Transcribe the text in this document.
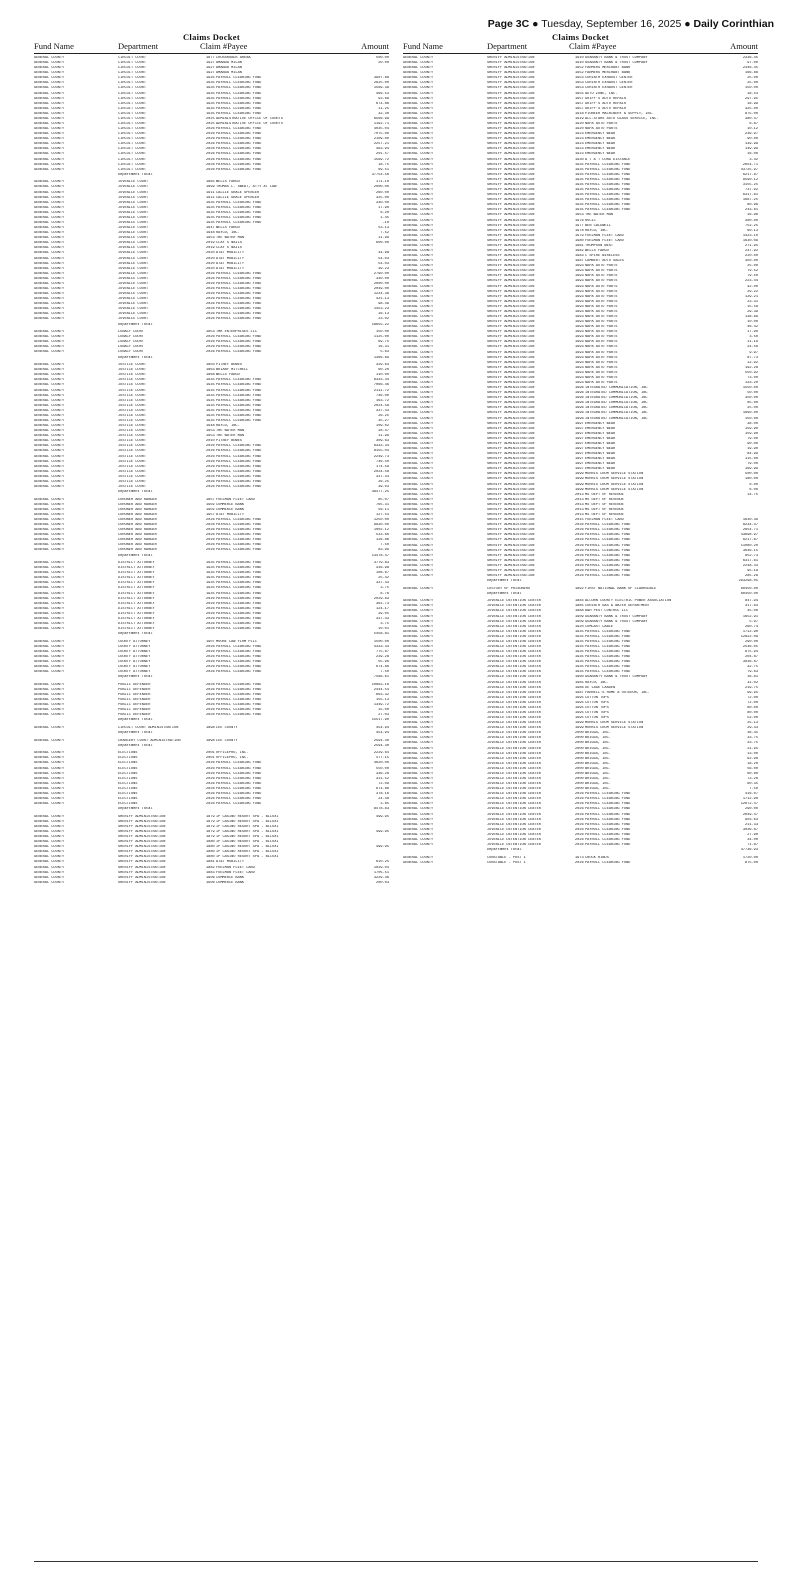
Page 3C ● Tuesday, September 16, 2025 ● Daily Corinthian
Claims Docket
Fund Name	Department	Claim #Payee	Amount
GENERAL COUNTY	CIRCUIT COURT	1877 CROSSROADS ARENA	500.00
GENERAL COUNTY	CIRCUIT COURT	1927 AMANDA MILAN	20.00
GENERAL COUNTY	CIRCUIT COURT	1927 AMANDA MILAN
GENERAL COUNTY	CIRCUIT COURT	1927 AMANDA MILAN
GENERAL COUNTY	CIRCUIT COURT	1935 PAYROLL CLEARING FUND	3907.68
GENERAL COUNTY	CIRCUIT COURT	1935 PAYROLL CLEARING FUND	2625.00
GENERAL COUNTY	CIRCUIT COURT	1935 PAYROLL CLEARING FUND	1569.39
GENERAL COUNTY	CIRCUIT COURT	1935 PAYROLL CLEARING FUND	466.53
GENERAL COUNTY	CIRCUIT COURT	1935 PAYROLL CLEARING FUND	93.66
GENERAL COUNTY	CIRCUIT COURT	1935 PAYROLL CLEARING FUND	674.86
GENERAL COUNTY	CIRCUIT COURT	1935 PAYROLL CLEARING FUND	11.25
GENERAL COUNTY	CIRCUIT COURT	1935 PAYROLL CLEARING FUND	32.30
GENERAL COUNTY	CIRCUIT COURT	2025 ADMINISTRATIVE OFFICE OF COURTS	6566.99
GENERAL COUNTY	CIRCUIT COURT	2025 ADMINISTRATIVE OFFICE OF COURTS	1192.71
GENERAL COUNTY	CIRCUIT COURT	2026 PAYROLL CLEARING FUND	4035.04
GENERAL COUNTY	CIRCUIT COURT	2026 PAYROLL CLEARING FUND	7075.00
GENERAL COUNTY	CIRCUIT COURT	2026 PAYROLL CLEARING FUND	2109.00
GENERAL COUNTY	CIRCUIT COURT	2026 PAYROLL CLEARING FUND	2257.21
GENERAL COUNTY	CIRCUIT COURT	2026 PAYROLL CLEARING FUND	463.94
GENERAL COUNTY	CIRCUIT COURT	2026 PAYROLL CLEARING FUND	201.57
GENERAL COUNTY	CIRCUIT COURT	2026 PAYROLL CLEARING FUND	1569.72
GENERAL COUNTY	CIRCUIT COURT	2026 PAYROLL CLEARING FUND	18.75
GENERAL COUNTY	CIRCUIT COURT	2026 PAYROLL CLEARING FUND	69.51
Department Total	37754.56
GENERAL COUNTY	JUVENILE COURT	1865 WELLS FARGO	171.10
GENERAL COUNTY	JUVENILE COURT	1899 THOMAS L. SWEAT, ATTY AT LAW	2000.00
GENERAL COUNTY	JUVENILE COURT	1911 CALLIE GRACE SPENCER	260.00
GENERAL COUNTY	JUVENILE COURT	1911 CALLIE GRACE SPENCER	325.00
GENERAL COUNTY	JUVENILE COURT	1935 PAYROLL CLEARING FUND	330.00
GENERAL COUNTY	JUVENILE COURT	1935 PAYROLL CLEARING FUND	17.90
GENERAL COUNTY	JUVENILE COURT	1935 PAYROLL CLEARING FUND	6.20
GENERAL COUNTY	JUVENILE COURT	1935 PAYROLL CLEARING FUND	1.45
GENERAL COUNTY	JUVENILE COURT	1935 PAYROLL CLEARING FUND	.10
GENERAL COUNTY	JUVENILE COURT	1947 WELLS FARGO	53.13
GENERAL COUNTY	JUVENILE COURT	1948 RAYCO, INC.	7.52
GENERAL COUNTY	JUVENILE COURT	1953 THE WATER MAN	11.99
GENERAL COUNTY	JUVENILE COURT	2019 CLAY S NAILS	600.00
GENERAL COUNTY	JUVENILE COURT	2019 CLAY S NAILS
GENERAL COUNTY	JUVENILE COURT	2020 AT&T MOBILITY	44.98
GENERAL COUNTY	JUVENILE COURT	2020 AT&T MOBILITY	54.03
GENERAL COUNTY	JUVENILE COURT	2020 AT&T MOBILITY	54.03
GENERAL COUNTY	JUVENILE COURT	2020 AT&T MOBILITY	39.23
GENERAL COUNTY	JUVENILE COURT	2026 PAYROLL CLEARING FUND	2790.00
GENERAL COUNTY	JUVENILE COURT	2026 PAYROLL CLEARING FUND	330.00
GENERAL COUNTY	JUVENILE COURT	2026 PAYROLL CLEARING FUND	2000.00
GENERAL COUNTY	JUVENILE COURT	2026 PAYROLL CLEARING FUND	2049.00
GENERAL COUNTY	JUVENILE COURT	2026 PAYROLL CLEARING FUND	1224.36
GENERAL COUNTY	JUVENILE COURT	2026 PAYROLL CLEARING FUND	421.13
GENERAL COUNTY	JUVENILE COURT	2026 PAYROLL CLEARING FUND	98.49
GENERAL COUNTY	JUVENILE COURT	2026 PAYROLL CLEARING FUND	1453.23
GENERAL COUNTY	JUVENILE COURT	2026 PAYROLL CLEARING FUND	16.13
GENERAL COUNTY	JUVENILE COURT	2026 PAYROLL CLEARING FUND	23.02
Department Total	18655.22
GENERAL COUNTY	LUNACY COURT	1853 TMK ENTERPRISES LLC	150.00
GENERAL COUNTY	LUNACY COURT	2026 PAYROLL CLEARING FUND	1125.00
GENERAL COUNTY	LUNACY COURT	2026 PAYROLL CLEARING FUND	69.75
GENERAL COUNTY	LUNACY COURT	2026 PAYROLL CLEARING FUND	16.31
GENERAL COUNTY	LUNACY COURT	2026 PAYROLL CLEARING FUND	5.63
Department Total	1366.69
GENERAL COUNTY	JUSTICE COURT	1850 PITNEY BOWES	329.63
GENERAL COUNTY	JUSTICE COURT	1863 BRIANY MITCHELL	60.20
GENERAL COUNTY	JUSTICE COURT	1868 WELLS FARGO	110.00
GENERAL COUNTY	JUSTICE COURT	1935 PAYROLL CLEARING FUND	6333.34
GENERAL COUNTY	JUSTICE COURT	1935 PAYROLL CLEARING FUND	7066.46
GENERAL COUNTY	JUSTICE COURT	1935 PAYROLL CLEARING FUND	2111.72
GENERAL COUNTY	JUSTICE COURT	1935 PAYROLL CLEARING FUND	746.00
GENERAL COUNTY	JUSTICE COURT	1935 PAYROLL CLEARING FUND	163.72
GENERAL COUNTY	JUSTICE COURT	1935 PAYROLL CLEARING FUND	2024.58
GENERAL COUNTY	JUSTICE COURT	1935 PAYROLL CLEARING FUND	337.43
GENERAL COUNTY	JUSTICE COURT	1935 PAYROLL CLEARING FUND	26.25
GENERAL COUNTY	JUSTICE COURT	1935 PAYROLL CLEARING FUND	35.27
GENERAL COUNTY	JUSTICE COURT	1948 RAYCO, INC.	109.02
GENERAL COUNTY	JUSTICE COURT	1953 THE WATER MAN	28.47
GENERAL COUNTY	JUSTICE COURT	1953 THE WATER MAN	11.99
GENERAL COUNTY	JUSTICE COURT	2010 PITNEY BOWES	309.63
GENERAL COUNTY	JUSTICE COURT	2026 PAYROLL CLEARING FUND	6333.34
GENERAL COUNTY	JUSTICE COURT	2026 PAYROLL CLEARING FUND	8155.04
GENERAL COUNTY	JUSTICE COURT	2026 PAYROLL CLEARING FUND	2249.73
GENERAL COUNTY	JUSTICE COURT	2026 PAYROLL CLEARING FUND	746.50
GENERAL COUNTY	JUSTICE COURT	2026 PAYROLL CLEARING FUND	174.59
GENERAL COUNTY	JUSTICE COURT	2026 PAYROLL CLEARING FUND	2024.58
GENERAL COUNTY	JUSTICE COURT	2026 PAYROLL CLEARING FUND	337.43
GENERAL COUNTY	JUSTICE COURT	2026 PAYROLL CLEARING FUND	26.25
GENERAL COUNTY	JUSTICE COURT	2026 PAYROLL CLEARING FUND	39.03
Department Total	48477.25
GENERAL COUNTY	CORONER AND RANGER	1857 FUELMAN FLEET CARD	85.07
GENERAL COUNTY	CORONER AND RANGER	1902 COMMERCE BANK	765.31
GENERAL COUNTY	CORONER AND RANGER	1902 COMMERCE BANK	56.11
GENERAL COUNTY	CORONER AND RANGER	1957 AT&T MOBILITY	127.54
GENERAL COUNTY	CORONER AND RANGER	2026 PAYROLL CLEARING FUND	1250.00
GENERAL COUNTY	CORONER AND RANGER	2026 PAYROLL CLEARING FUND	9930.00
GENERAL COUNTY	CORONER AND RANGER	2026 PAYROLL CLEARING FUND	1002.12
GENERAL COUNTY	CORONER AND RANGER	2026 PAYROLL CLEARING FUND	533.66
GENERAL COUNTY	CORONER AND RANGER	2026 PAYROLL CLEARING FUND	126.86
GENERAL COUNTY	CORONER AND RANGER	2026 PAYROLL CLEARING FUND	7.50
GENERAL COUNTY	CORONER AND RANGER	2026 PAYROLL CLEARING FUND	83.99
Department Total	13478.47
GENERAL COUNTY	DISTRICT ATTORNEY	1935 PAYROLL CLEARING FUND	3779.83
GENERAL COUNTY	DISTRICT ATTORNEY	1935 PAYROLL CLEARING FUND	316.98
GENERAL COUNTY	DISTRICT ATTORNEY	1935 PAYROLL CLEARING FUND	108.67
GENERAL COUNTY	DISTRICT ATTORNEY	1935 PAYROLL CLEARING FUND	25.42
GENERAL COUNTY	DISTRICT ATTORNEY	1935 PAYROLL CLEARING FUND	337.43
GENERAL COUNTY	DISTRICT ATTORNEY	1935 PAYROLL CLEARING FUND	3.75
GENERAL COUNTY	DISTRICT ATTORNEY	1935 PAYROLL CLEARING FUND	8.76
GENERAL COUNTY	DISTRICT ATTORNEY	2026 PAYROLL CLEARING FUND	2029.83
GENERAL COUNTY	DISTRICT ATTORNEY	2026 PAYROLL CLEARING FUND	361.73
GENERAL COUNTY	DISTRICT ATTORNEY	2026 PAYROLL CLEARING FUND	124.17
GENERAL COUNTY	DISTRICT ATTORNEY	2026 PAYROLL CLEARING FUND	29.05
GENERAL COUNTY	DISTRICT ATTORNEY	2026 PAYROLL CLEARING FUND	337.43
GENERAL COUNTY	DISTRICT ATTORNEY	2026 PAYROLL CLEARING FUND	3.75
GENERAL COUNTY	DISTRICT ATTORNEY	2026 PAYROLL CLEARING FUND	10.01
Department Total	5458.81
GENERAL COUNTY	COUNTY ATTORNEY	1907 MOORE LAW FIRM PLLC	1500.00
GENERAL COUNTY	COUNTY ATTORNEY	2026 PAYROLL CLEARING FUND	4333.34
GENERAL COUNTY	COUNTY ATTORNEY	2026 PAYROLL CLEARING FUND	775.67
GENERAL COUNTY	COUNTY ATTORNEY	2026 PAYROLL CLEARING FUND	239.28
GENERAL COUNTY	COUNTY ATTORNEY	2026 PAYROLL CLEARING FUND	55.96
GENERAL COUNTY	COUNTY ATTORNEY	2026 PAYROLL CLEARING FUND	674.86
GENERAL COUNTY	COUNTY ATTORNEY	2026 PAYROLL CLEARING FUND	7.50
Department Total	7586.61
GENERAL COUNTY	PUBLIC DEFENDER	2026 PAYROLL CLEARING FUND	10863.16
GENERAL COUNTY	PUBLIC DEFENDER	2026 PAYROLL CLEARING FUND	2444.54
GENERAL COUNTY	PUBLIC DEFENDER	2026 PAYROLL CLEARING FUND	663.32
GENERAL COUNTY	PUBLIC DEFENDER	2026 PAYROLL CLEARING FUND	155.13
GENERAL COUNTY	PUBLIC DEFENDER	2026 PAYROLL CLEARING FUND	1349.72
GENERAL COUNTY	PUBLIC DEFENDER	2026 PAYROLL CLEARING FUND	15.00
GENERAL COUNTY	PUBLIC DEFENDER	2026 PAYROLL CLEARING FUND	27.03
Department Total	15517.90
GENERAL COUNTY	CIRCUIT COURT ADMINISTRATION	1898 LEE COUNTY	454.94
Department Total	454.94
GENERAL COUNTY	CHANCERY COURT ADMINISTRATION	1898 LEE COUNTY	2594.30
Department Total	2594.30
GENERAL COUNTY	ELECTIONS	2001 OFFICEPRO, INC.	2229.64
GENERAL COUNTY	ELECTIONS	2001 OFFICEPRO, INC.	477.15
GENERAL COUNTY	ELECTIONS	2026 PAYROLL CLEARING FUND	4620.00
GENERAL COUNTY	ELECTIONS	2026 PAYROLL CLEARING FUND	550.00
GENERAL COUNTY	ELECTIONS	2026 PAYROLL CLEARING FUND	336.28
GENERAL COUNTY	ELECTIONS	2026 PAYROLL CLEARING FUND	311.52
GENERAL COUNTY	ELECTIONS	2026 PAYROLL CLEARING FUND	72.09
GENERAL COUNTY	ELECTIONS	2026 PAYROLL CLEARING FUND	674.86
GENERAL COUNTY	ELECTIONS	2026 PAYROLL CLEARING FUND	378.16
GENERAL COUNTY	ELECTIONS	2026 PAYROLL CLEARING FUND	24.48
GENERAL COUNTY	ELECTIONS	2026 PAYROLL CLEARING FUND	3.65
Department Total	8478.83
GENERAL COUNTY	SHERIFF ADMINISTRATION	1879 IP CASINO RESORT SPA - BILOXI	499.95
GENERAL COUNTY	SHERIFF ADMINISTRATION	1879 IP CASINO RESORT SPA - BILOXI
GENERAL COUNTY	SHERIFF ADMINISTRATION	1879 IP CASINO RESORT SPA - BILOXI
GENERAL COUNTY	SHERIFF ADMINISTRATION	1879 IP CASINO RESORT SPA - BILOXI	499.95
GENERAL COUNTY	SHERIFF ADMINISTRATION	1879 IP CASINO RESORT SPA - BILOXI
GENERAL COUNTY	SHERIFF ADMINISTRATION	1880 IP CASINO RESORT SPA - BILOXI
GENERAL COUNTY	SHERIFF ADMINISTRATION	1880 IP CASINO RESORT SPA - BILOXI	499.95
GENERAL COUNTY	SHERIFF ADMINISTRATION	1880 IP CASINO RESORT SPA - BILOXI
GENERAL COUNTY	SHERIFF ADMINISTRATION	1880 IP CASINO RESORT SPA - BILOXI
GENERAL COUNTY	SHERIFF ADMINISTRATION	1881 AT&T MOBILITY	610.25
GENERAL COUNTY	SHERIFF ADMINISTRATION	1882 FUELMAN FLEET CARD	1029.04
GENERAL COUNTY	SHERIFF ADMINISTRATION	1883 FUELMAN FLEET CARD	1705.51
GENERAL COUNTY	SHERIFF ADMINISTRATION	1906 COMMERCE BANK	3229.46
GENERAL COUNTY	SHERIFF ADMINISTRATION	1906 COMMERCE BANK	200.03
Claims Docket
Fund Name	Department	Claim #Payee	Amount
GENERAL COUNTY	SHERIFF ADMINISTRATION	1910 GUARANTY BANK & TRUST COMPANY	2336.45
GENERAL COUNTY	SHERIFF ADMINISTRATION	1910 GUARANTY BANK & TRUST COMPANY	97.00
GENERAL COUNTY	SHERIFF ADMINISTRATION	1952 FARMERS MERCHANT BANK	2346.45
GENERAL COUNTY	SHERIFF ADMINISTRATION	1952 FARMERS MERCHANT BANK	166.86
GENERAL COUNTY	SHERIFF ADMINISTRATION	1953 CORINTH EXHAUST CENTER	25.00
GENERAL COUNTY	SHERIFF ADMINISTRATION	1953 CORINTH EXHAUST CENTER	25.00
GENERAL COUNTY	SHERIFF ADMINISTRATION	1953 CORINTH EXHAUST CENTER	150.00
GENERAL COUNTY	SHERIFF ADMINISTRATION	1955 AUTO ZONE, INC.	18.54
GENERAL COUNTY	SHERIFF ADMINISTRATION	1957 GRIFF'S AUTO REPAIR	297.95
GENERAL COUNTY	SHERIFF ADMINISTRATION	1957 GRIFF'S AUTO REPAIR	16.99
GENERAL COUNTY	SHERIFF ADMINISTRATION	1957 GRIFF'S AUTO REPAIR	325.00
GENERAL COUNTY	SHERIFF ADMINISTRATION	1918 PIONEER MACHINERY & SUPPLY, INC.	875.00
GENERAL COUNTY	SHERIFF ADMINISTRATION	1919 ALL-STARS AUTO GLASS SERVICE, INC.	380.47
GENERAL COUNTY	SHERIFF ADMINISTRATION	1920 NAPA AUTO PARTS	6.87
GENERAL COUNTY	SHERIFF ADMINISTRATION	1920 NAPA AUTO PARTS	10.12
GENERAL COUNTY	SHERIFF ADMINISTRATION	1923 EMERGENCY WEAR	239.97
GENERAL COUNTY	SHERIFF ADMINISTRATION	1923 EMERGENCY WEAR	90.00
GENERAL COUNTY	SHERIFF ADMINISTRATION	1923 EMERGENCY WEAR	139.99
GENERAL COUNTY	SHERIFF ADMINISTRATION	1923 EMERGENCY WEAR	149.99
GENERAL COUNTY	SHERIFF ADMINISTRATION	1923 EMERGENCY WEAR	16.00
GENERAL COUNTY	SHERIFF ADMINISTRATION	1930 A T & T LONG DISTANCE	3.42
GENERAL COUNTY	SHERIFF ADMINISTRATION	1935 PAYROLL CLEARING FUND	2654.71
GENERAL COUNTY	SHERIFF ADMINISTRATION	1935 PAYROLL CLEARING FUND	43725.97
GENERAL COUNTY	SHERIFF ADMINISTRATION	1935 PAYROLL CLEARING FUND	6217.87
GENERAL COUNTY	SHERIFF ADMINISTRATION	1935 PAYROLL CLEARING FUND	9590.12
GENERAL COUNTY	SHERIFF ADMINISTRATION	1935 PAYROLL CLEARING FUND	3155.25
GENERAL COUNTY	SHERIFF ADMINISTRATION	1935 PAYROLL CLEARING FUND	737.92
GENERAL COUNTY	SHERIFF ADMINISTRATION	1935 PAYROLL CLEARING FUND	6317.61
GENERAL COUNTY	SHERIFF ADMINISTRATION	1935 PAYROLL CLEARING FUND	1687.25
GENERAL COUNTY	SHERIFF ADMINISTRATION	1935 PAYROLL CLEARING FUND	80.96
GENERAL COUNTY	SHERIFF ADMINISTRATION	1935 PAYROLL CLEARING FUND	243.61
GENERAL COUNTY	SHERIFF ADMINISTRATION	1953 THE WATER MAN	16.96
GENERAL COUNTY	SHERIFF ADMINISTRATION	1976 ROCIC	300.00
GENERAL COUNTY	SHERIFF ADMINISTRATION	1977 BEN CALDWELL	752.25
GENERAL COUNTY	SHERIFF ADMINISTRATION	1978 RAYCO, INC.	60.13
GENERAL COUNTY	SHERIFF ADMINISTRATION	1979 FUELMAN FLEET CARD	1423.10
GENERAL COUNTY	SHERIFF ADMINISTRATION	1980 FUELMAN FLEET CARD	1630.09
GENERAL COUNTY	SHERIFF ADMINISTRATION	1981 THOMPSON WEST	271.95
GENERAL COUNTY	SHERIFF ADMINISTRATION	1982 WELLS FARGO	247.92
GENERAL COUNTY	SHERIFF ADMINISTRATION	1983 C SPIRE WIRELESS	220.00
GENERAL COUNTY	SHERIFF ADMINISTRATION	1987 LAMBERT AUTO SALES	350.00
GENERAL COUNTY	SHERIFF ADMINISTRATION	1993 NAPA AUTO PARTS	25.00
GENERAL COUNTY	SHERIFF ADMINISTRATION	1993 NAPA AUTO PARTS	79.52
GENERAL COUNTY	SHERIFF ADMINISTRATION	1993 NAPA AUTO PARTS	79.50
GENERAL COUNTY	SHERIFF ADMINISTRATION	1993 NAPA AUTO PARTS	223.44
GENERAL COUNTY	SHERIFF ADMINISTRATION	1993 NAPA AUTO PARTS	42.00
GENERAL COUNTY	SHERIFF ADMINISTRATION	1993 NAPA AUTO PARTS	29.22
GENERAL COUNTY	SHERIFF ADMINISTRATION	1993 NAPA AUTO PARTS	129.21
GENERAL COUNTY	SHERIFF ADMINISTRATION	1993 NAPA AUTO PARTS	23.31
GENERAL COUNTY	SHERIFF ADMINISTRATION	1993 NAPA AUTO PARTS	15.58
GENERAL COUNTY	SHERIFF ADMINISTRATION	1993 NAPA AUTO PARTS	29.39
GENERAL COUNTY	SHERIFF ADMINISTRATION	1993 NAPA AUTO PARTS	138.69
GENERAL COUNTY	SHERIFF ADMINISTRATION	1993 NAPA AUTO PARTS	10.00
GENERAL COUNTY	SHERIFF ADMINISTRATION	1993 NAPA AUTO PARTS	46.42
GENERAL COUNTY	SHERIFF ADMINISTRATION	1993 NAPA AUTO PARTS	17.90
GENERAL COUNTY	SHERIFF ADMINISTRATION	1993 NAPA AUTO PARTS	3.50
GENERAL COUNTY	SHERIFF ADMINISTRATION	1993 NAPA AUTO PARTS	11.19
GENERAL COUNTY	SHERIFF ADMINISTRATION	1993 NAPA AUTO PARTS	24.56
GENERAL COUNTY	SHERIFF ADMINISTRATION	1993 NAPA AUTO PARTS	9.97
GENERAL COUNTY	SHERIFF ADMINISTRATION	1993 NAPA AUTO PARTS	87.73
GENERAL COUNTY	SHERIFF ADMINISTRATION	1993 NAPA AUTO PARTS	12.92
GENERAL COUNTY	SHERIFF ADMINISTRATION	1993 NAPA AUTO PARTS	192.28
GENERAL COUNTY	SHERIFF ADMINISTRATION	1993 NAPA AUTO PARTS	550.92
GENERAL COUNTY	SHERIFF ADMINISTRATION	1993 NAPA AUTO PARTS	73.00
GENERAL COUNTY	SHERIFF ADMINISTRATION	1993 NAPA AUTO PARTS	133.20
GENERAL COUNTY	SHERIFF ADMINISTRATION	1996 INTEGRATED COMMUNICATION, INC	1550.00
GENERAL COUNTY	SHERIFF ADMINISTRATION	1996 INTEGRATED COMMUNICATION, INC	50.00
GENERAL COUNTY	SHERIFF ADMINISTRATION	1996 INTEGRATED COMMUNICATION, INC	350.00
GENERAL COUNTY	SHERIFF ADMINISTRATION	1996 INTEGRATED COMMUNICATION, INC	85.00
GENERAL COUNTY	SHERIFF ADMINISTRATION	1996 INTEGRATED COMMUNICATION, INC	25.00
GENERAL COUNTY	SHERIFF ADMINISTRATION	1996 INTEGRATED COMMUNICATION, INC	1890.00
GENERAL COUNTY	SHERIFF ADMINISTRATION	1996 INTEGRATED COMMUNICATION, INC	150.00
GENERAL COUNTY	SHERIFF ADMINISTRATION	1997 EMERGENCY WEAR	38.00
GENERAL COUNTY	SHERIFF ADMINISTRATION	1997 EMERGENCY WEAR	159.90
GENERAL COUNTY	SHERIFF ADMINISTRATION	1997 EMERGENCY WEAR	159.90
GENERAL COUNTY	SHERIFF ADMINISTRATION	1997 EMERGENCY WEAR	79.00
GENERAL COUNTY	SHERIFF ADMINISTRATION	1997 EMERGENCY WEAR	90.00
GENERAL COUNTY	SHERIFF ADMINISTRATION	1997 EMERGENCY WEAR	19.90
GENERAL COUNTY	SHERIFF ADMINISTRATION	1997 EMERGENCY WEAR	84.99
GENERAL COUNTY	SHERIFF ADMINISTRATION	1997 EMERGENCY WEAR	115.00
GENERAL COUNTY	SHERIFF ADMINISTRATION	1997 EMERGENCY WEAR	79.00
GENERAL COUNTY	SHERIFF ADMINISTRATION	1997 EMERGENCY WEAR	169.99
GENERAL COUNTY	SHERIFF ADMINISTRATION	1999 MORRIS CRUM SERVICE STATION	500.00
GENERAL COUNTY	SHERIFF ADMINISTRATION	1999 MORRIS CRUM SERVICE STATION	180.00
GENERAL COUNTY	SHERIFF ADMINISTRATION	1999 MORRIS CRUM SERVICE STATION	8.00
GENERAL COUNTY	SHERIFF ADMINISTRATION	1999 MORRIS CRUM SERVICE STATION	6.00
GENERAL COUNTY	SHERIFF ADMINISTRATION	2013 MS DEPT OF REVENUE	14.75
GENERAL COUNTY	SHERIFF ADMINISTRATION	2013 MS DEPT OF REVENUE
GENERAL COUNTY	SHERIFF ADMINISTRATION	2013 MS DEPT OF REVENUE
GENERAL COUNTY	SHERIFF ADMINISTRATION	2013 MS DEPT OF REVENUE
GENERAL COUNTY	SHERIFF ADMINISTRATION	2013 MS DEPT OF REVENUE
GENERAL COUNTY	SHERIFF ADMINISTRATION	2015 FUELMAN FLEET CARD	1630.49
GENERAL COUNTY	SHERIFF ADMINISTRATION	2026 PAYROLL CLEARING FUND	8234.47
GENERAL COUNTY	SHERIFF ADMINISTRATION	2026 PAYROLL CLEARING FUND	2654.71
GENERAL COUNTY	SHERIFF ADMINISTRATION	2026 PAYROLL CLEARING FUND	43698.97
GENERAL COUNTY	SHERIFF ADMINISTRATION	2026 PAYROLL CLEARING FUND	6217.87
GENERAL COUNTY	SHERIFF ADMINISTRATION	2026 PAYROLL CLEARING FUND	11080.20
GENERAL COUNTY	SHERIFF ADMINISTRATION	2026 PAYROLL CLEARING FUND	3646.15
GENERAL COUNTY	SHERIFF ADMINISTRATION	2026 PAYROLL CLEARING FUND	852.73
GENERAL COUNTY	SHERIFF ADMINISTRATION	2026 PAYROLL CLEARING FUND	6317.61
GENERAL COUNTY	SHERIFF ADMINISTRATION	2026 PAYROLL CLEARING FUND	2248.43
GENERAL COUNTY	SHERIFF ADMINISTRATION	2026 PAYROLL CLEARING FUND	95.18
GENERAL COUNTY	SHERIFF ADMINISTRATION	2026 PAYROLL CLEARING FUND	285.29
Department Total	293298.05
GENERAL COUNTY	CUSTODY OF PRISONERS	1892 FIRST NATIONAL BANK OF CLARKSDALE	60450.00
Department Total	60450.00
GENERAL COUNTY	JUVENILE DETENTION CENTER	1884 ALCORN COUNTY ELECTRIC POWER ASSOCIATION	847.94
GENERAL COUNTY	JUVENILE DETENTION CENTER	1885 CORINTH GAS & WATER DEPARTMENT	317.64
GENERAL COUNTY	JUVENILE DETENTION CENTER	1888 A&H PEST CONTROL LLC	45.00
GENERAL COUNTY	JUVENILE DETENTION CENTER	1909 GUARANTY BANK & TRUST COMPANY	1652.91
GENERAL COUNTY	JUVENILE DETENTION CENTER	1909 GUARANTY BANK & TRUST COMPANY	5.97
GENERAL COUNTY	JUVENILE DETENTION CENTER	1920 COMCAST CABLE	260.74
GENERAL COUNTY	JUVENILE DETENTION CENTER	1935 PAYROLL CLEARING FUND	1712.90
GENERAL COUNTY	JUVENILE DETENTION CENTER	1935 PAYROLL CLEARING FUND	12822.09
GENERAL COUNTY	JUVENILE DETENTION CENTER	1935 PAYROLL CLEARING FUND	290.00
GENERAL COUNTY	JUVENILE DETENTION CENTER	1935 PAYROLL CLEARING FUND	2546.05
GENERAL COUNTY	JUVENILE DETENTION CENTER	1935 PAYROLL CLEARING FUND	875.94
GENERAL COUNTY	JUVENILE DETENTION CENTER	1935 PAYROLL CLEARING FUND	204.87
GENERAL COUNTY	JUVENILE DETENTION CENTER	1935 PAYROLL CLEARING FUND	3036.87
GENERAL COUNTY	JUVENILE DETENTION CENTER	1935 PAYROLL CLEARING FUND	32.75
GENERAL COUNTY	JUVENILE DETENTION CENTER	1935 PAYROLL CLEARING FUND	79.63
GENERAL COUNTY	JUVENILE DETENTION CENTER	1960 GUARANTY BANK & TRUST COMPANY	16.81
GENERAL COUNTY	JUVENILE DETENTION CENTER	1985 RAYCO, INC.	31.02
GENERAL COUNTY	JUVENILE DETENTION CENTER	1986 DE LAGE LANDEN	219.75
GENERAL COUNTY	JUVENILE DETENTION CENTER	1987 FARRELL'S HOME & OUTDOOR, INC.	99.95
GENERAL COUNTY	JUVENILE DETENTION CENTER	1995 COTTON TOPS	72.00
GENERAL COUNTY	JUVENILE DETENTION CENTER	1995 COTTON TOPS	72.00
GENERAL COUNTY	JUVENILE DETENTION CENTER	1995 COTTON TOPS	80.00
GENERAL COUNTY	JUVENILE DETENTION CENTER	1995 COTTON TOPS	80.00
GENERAL COUNTY	JUVENILE DETENTION CENTER	1995 COTTON TOPS	52.00
GENERAL COUNTY	JUVENILE DETENTION CENTER	1999 MORRIS CRUM SERVICE STATION	25.13
GENERAL COUNTY	JUVENILE DETENTION CENTER	1999 MORRIS CRUM SERVICE STATION	29.43
GENERAL COUNTY	JUVENILE DETENTION CENTER	2000 BRIGGS, INC.	36.45
GENERAL COUNTY	JUVENILE DETENTION CENTER	2000 BRIGGS, INC.	33.75
GENERAL COUNTY	JUVENILE DETENTION CENTER	2000 BRIGGS, INC.	33.75
GENERAL COUNTY	JUVENILE DETENTION CENTER	2000 BRIGGS, INC.	21.95
GENERAL COUNTY	JUVENILE DETENTION CENTER	2000 BRIGGS, INC.	13.00
GENERAL COUNTY	JUVENILE DETENTION CENTER	2000 BRIGGS, INC.	62.90
GENERAL COUNTY	JUVENILE DETENTION CENTER	2000 BRIGGS, INC.	18.20
GENERAL COUNTY	JUVENILE DETENTION CENTER	2000 BRIGGS, INC.	56.00
GENERAL COUNTY	JUVENILE DETENTION CENTER	2000 BRIGGS, INC.	60.60
GENERAL COUNTY	JUVENILE DETENTION CENTER	2000 BRIGGS, INC.	73.20
GENERAL COUNTY	JUVENILE DETENTION CENTER	2000 BRIGGS, INC.	60.35
GENERAL COUNTY	JUVENILE DETENTION CENTER	2000 BRIGGS, INC.	7.50
GENERAL COUNTY	JUVENILE DETENTION CENTER	2026 PAYROLL CLEARING FUND	416.07
GENERAL COUNTY	JUVENILE DETENTION CENTER	2026 PAYROLL CLEARING FUND	1712.90
GENERAL COUNTY	JUVENILE DETENTION CENTER	2026 PAYROLL CLEARING FUND	12672.47
GENERAL COUNTY	JUVENILE DETENTION CENTER	2026 PAYROLL CLEARING FUND	290.00
GENERAL COUNTY	JUVENILE DETENTION CENTER	2026 PAYROLL CLEARING FUND	2649.47
GENERAL COUNTY	JUVENILE DETENTION CENTER	2026 PAYROLL CLEARING FUND	903.63
GENERAL COUNTY	JUVENILE DETENTION CENTER	2026 PAYROLL CLEARING FUND	211.33
GENERAL COUNTY	JUVENILE DETENTION CENTER	2026 PAYROLL CLEARING FUND	3036.87
GENERAL COUNTY	JUVENILE DETENTION CENTER	2026 PAYROLL CLEARING FUND	27.90
GENERAL COUNTY	JUVENILE DETENTION CENTER	2026 PAYROLL CLEARING FUND	34.00
GENERAL COUNTY	JUVENILE DETENTION CENTER	2026 PAYROLL CLEARING FUND	71.87
Department Total	47736.93
GENERAL COUNTY	CONSTABLE - POST 1	1973 CHUCK HINDS	1720.00
GENERAL COUNTY	CONSTABLE - POST 1	2026 PAYROLL CLEARING FUND	875.00
